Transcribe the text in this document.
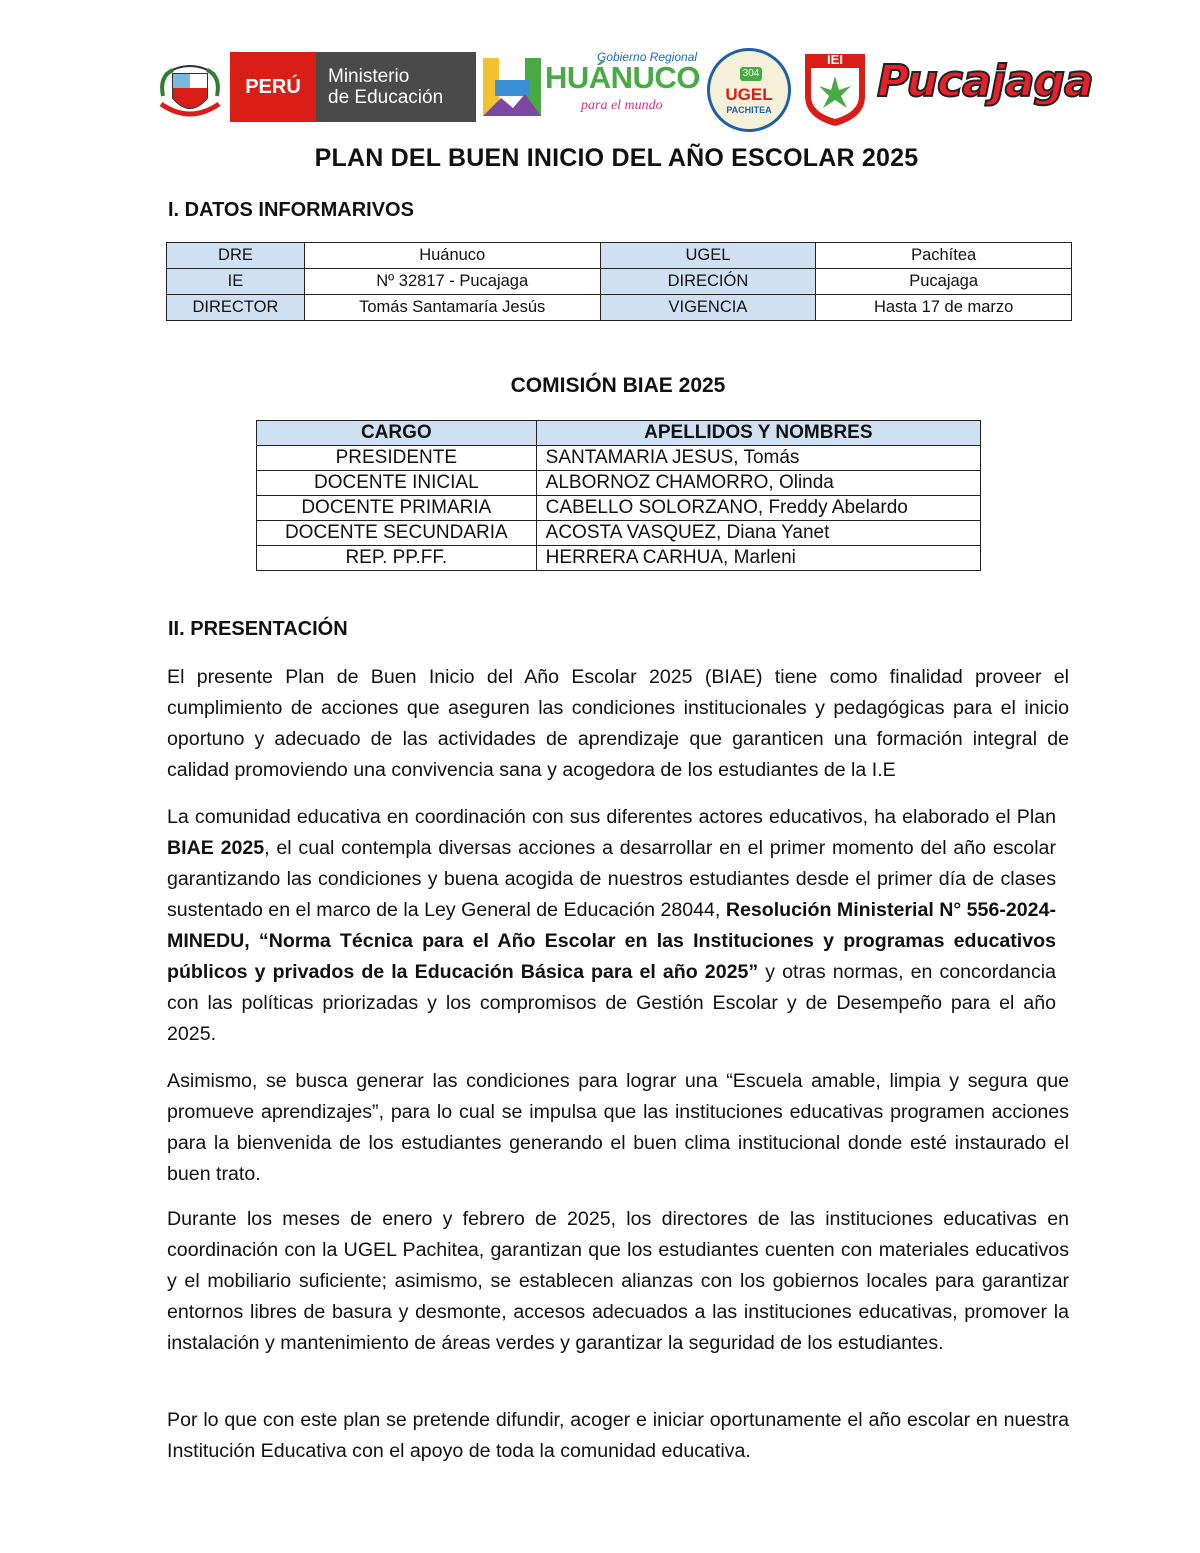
PERÚ	Ministerio
de Educación
Gobierno Regional
HUÁNUCO
para el mundo
304
UGEL
PACHITEA
IEI Pucajaga
PLAN DEL BUEN INICIO DEL AÑO ESCOLAR 2025
I. DATOS INFORMARIVOS
DRE	Huánuco	UGEL	Pachítea
IE	Nº 32817 - Pucajaga	DIRECIÓN	Pucajaga
DIRECTOR	Tomás Santamaría Jesús	VIGENCIA	Hasta 17 de marzo
COMISIÓN BIAE 2025
CARGO	APELLIDOS Y NOMBRES
PRESIDENTE	SANTAMARIA JESUS, Tomás
DOCENTE INICIAL	ALBORNOZ CHAMORRO, Olinda
DOCENTE PRIMARIA	CABELLO SOLORZANO, Freddy Abelardo
DOCENTE SECUNDARIA	ACOSTA VASQUEZ, Diana Yanet
REP. PP.FF.	HERRERA CARHUA, Marleni
II. PRESENTACIÓN

El presente Plan de Buen Inicio del Año Escolar 2025 (BIAE) tiene como finalidad proveer el cumplimiento de acciones que aseguren las condiciones institucionales y pedagógicas para el inicio oportuno y adecuado de las actividades de aprendizaje que garanticen una formación integral de calidad promoviendo una convivencia sana y acogedora de los estudiantes de la I.E

La comunidad educativa en coordinación con sus diferentes actores educativos, ha elaborado el Plan BIAE 2025, el cual contempla diversas acciones a desarrollar en el primer momento del año escolar garantizando las condiciones y buena acogida de nuestros estudiantes desde el primer día de clases sustentado en el marco de la Ley General de Educación 28044, Resolución Ministerial N° 556-2024-MINEDU, “Norma Técnica para el Año Escolar en las Instituciones y programas educativos públicos y privados de la Educación Básica para el año 2025” y otras normas, en concordancia con las políticas priorizadas y los compromisos de Gestión Escolar y de Desempeño para el año 2025.

Asimismo, se busca generar las condiciones para lograr una “Escuela amable, limpia y segura que promueve aprendizajes”, para lo cual se impulsa que las instituciones educativas programen acciones para la bienvenida de los estudiantes generando el buen clima institucional donde esté instaurado el buen trato.

Durante los meses de enero y febrero de 2025, los directores de las instituciones educativas en coordinación con la UGEL Pachitea, garantizan que los estudiantes cuenten con materiales educativos y el mobiliario suficiente; asimismo, se establecen alianzas con los gobiernos locales para garantizar entornos libres de basura y desmonte, accesos adecuados a las instituciones educativas, promover la instalación y mantenimiento de áreas verdes y garantizar la seguridad de los estudiantes.

Por lo que con este plan se pretende difundir, acoger e iniciar oportunamente el año escolar en nuestra Institución Educativa con el apoyo de toda la comunidad educativa.
